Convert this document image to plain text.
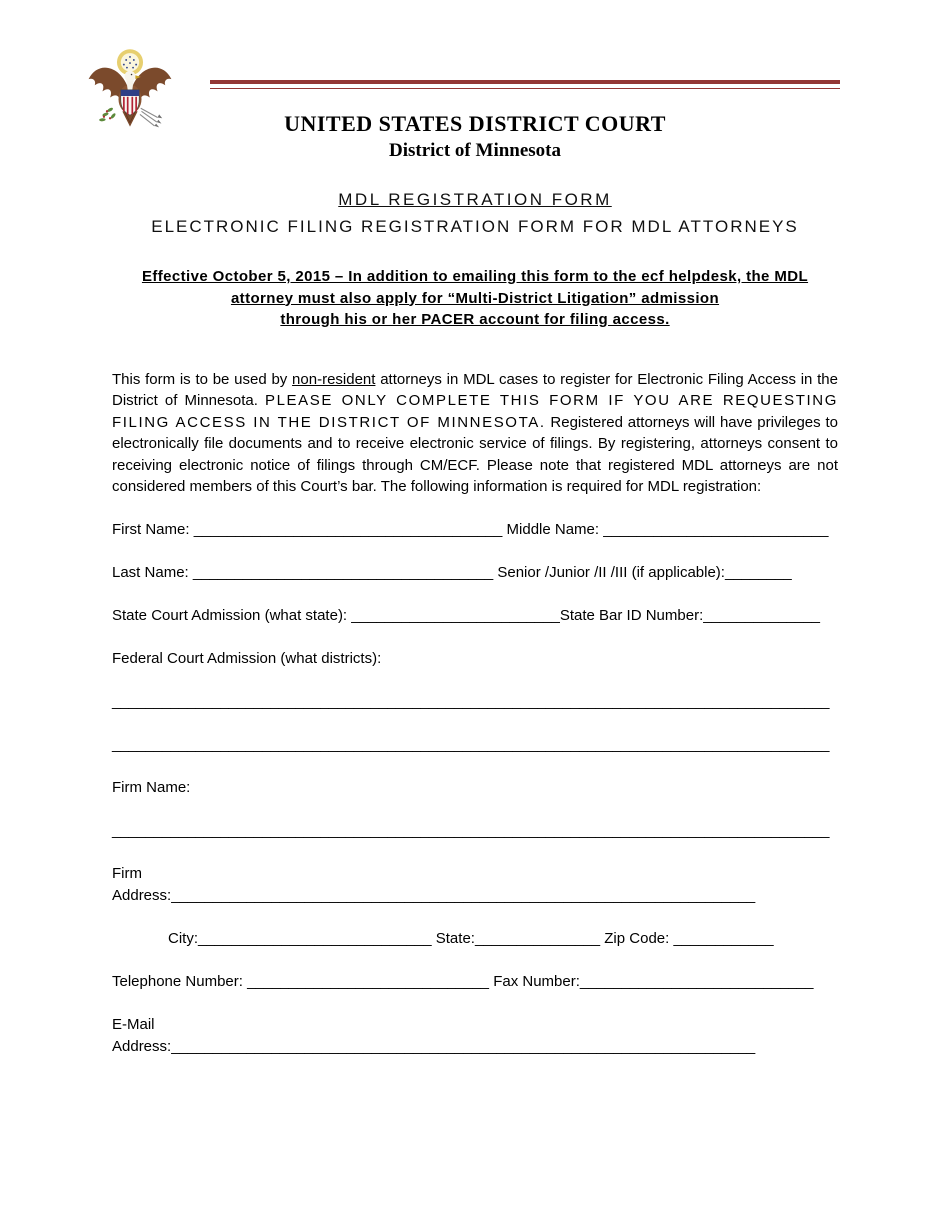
UNITED STATES DISTRICT COURT
District of Minnesota
MDL REGISTRATION FORM
ELECTRONIC FILING REGISTRATION FORM FOR MDL ATTORNEYS
Effective October 5, 2015 – In addition to emailing this form to the ecf helpdesk, the MDL
attorney must also apply for “Multi-District Litigation” admission
through his or her PACER account for filing access.

This form is to be used by non-resident attorneys in MDL cases to register for Electronic Filing Access in the District of Minnesota. PLEASE ONLY COMPLETE THIS FORM IF YOU ARE REQUESTING FILING ACCESS IN THE DISTRICT OF MINNESOTA. Registered attorneys will have privileges to electronically file documents and to receive electronic service of filings. By registering, attorneys consent to receiving electronic notice of filings through CM/ECF. Please note that registered MDL attorneys are not considered members of this Court’s bar. The following information is required for MDL registration:

First Name: _____________________________________ Middle Name: ___________________________
Last Name: ____________________________________ Senior /Junior /II /III (if applicable):________
State Court Admission (what state): _________________________State Bar ID Number:______________
Federal Court Admission (what districts):
______________________________________________________________________________________
______________________________________________________________________________________
Firm Name:
______________________________________________________________________________________
Firm
Address:______________________________________________________________________
City:____________________________ State:_______________ Zip Code: ____________
Telephone Number: _____________________________ Fax Number:____________________________
E-Mail
Address:______________________________________________________________________
